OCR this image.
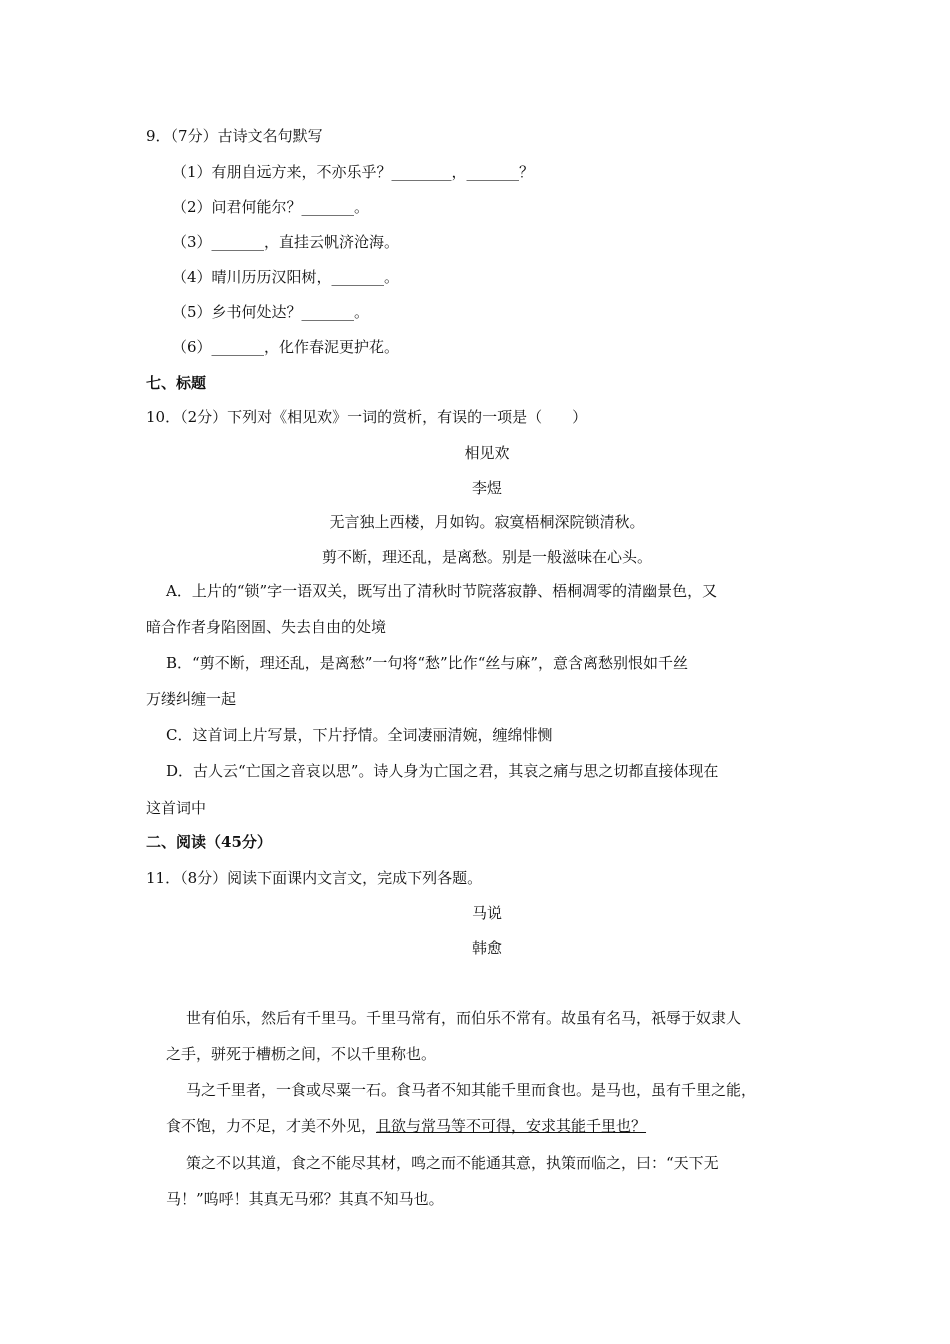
9．（7分）古诗文名句默写
（1）有朋自远方来，不亦乐乎？________，_______？
（2）问君何能尔？_______。
（3）_______，直挂云帆济沧海。
（4）晴川历历汉阳树，_______。
（5）乡书何处达？_______。
（6）_______，化作春泥更护花。
七、标题
10．（2分）下列对《相见欢》一词的赏析，有误的一项是（　　）
相见欢
李煜
无言独上西楼，月如钩。寂寞梧桐深院锁清秋。
剪不断，理还乱，是离愁。别是一般滋味在心头。
A．上片的“锁”字一语双关，既写出了清秋时节院落寂静、梧桐凋零的清幽景色，又
暗合作者身陷囹圄、失去自由的处境
B．“剪不断，理还乱，是离愁”一句将“愁”比作“丝与麻”，意含离愁别恨如千丝
万缕纠缠一起
C．这首词上片写景，下片抒情。全词凄丽清婉，缠绵悱恻
D．古人云“亡国之音哀以思”。诗人身为亡国之君，其哀之痛与思之切都直接体现在
这首词中
二、阅读（45分）
11．（8分）阅读下面课内文言文，完成下列各题。
马说
韩愈
世有伯乐，然后有千里马。千里马常有，而伯乐不常有。故虽有名马，祇辱于奴隶人
之手，骈死于槽枥之间，不以千里称也。
马之千里者，一食或尽粟一石。食马者不知其能千里而食也。是马也，虽有千里之能，
食不饱，力不足，才美不外见，且欲与常马等不可得，安求其能千里也？
策之不以其道，食之不能尽其材，鸣之而不能通其意，执策而临之，曰：“天下无
马！”呜呼！其真无马邪？其真不知马也。
